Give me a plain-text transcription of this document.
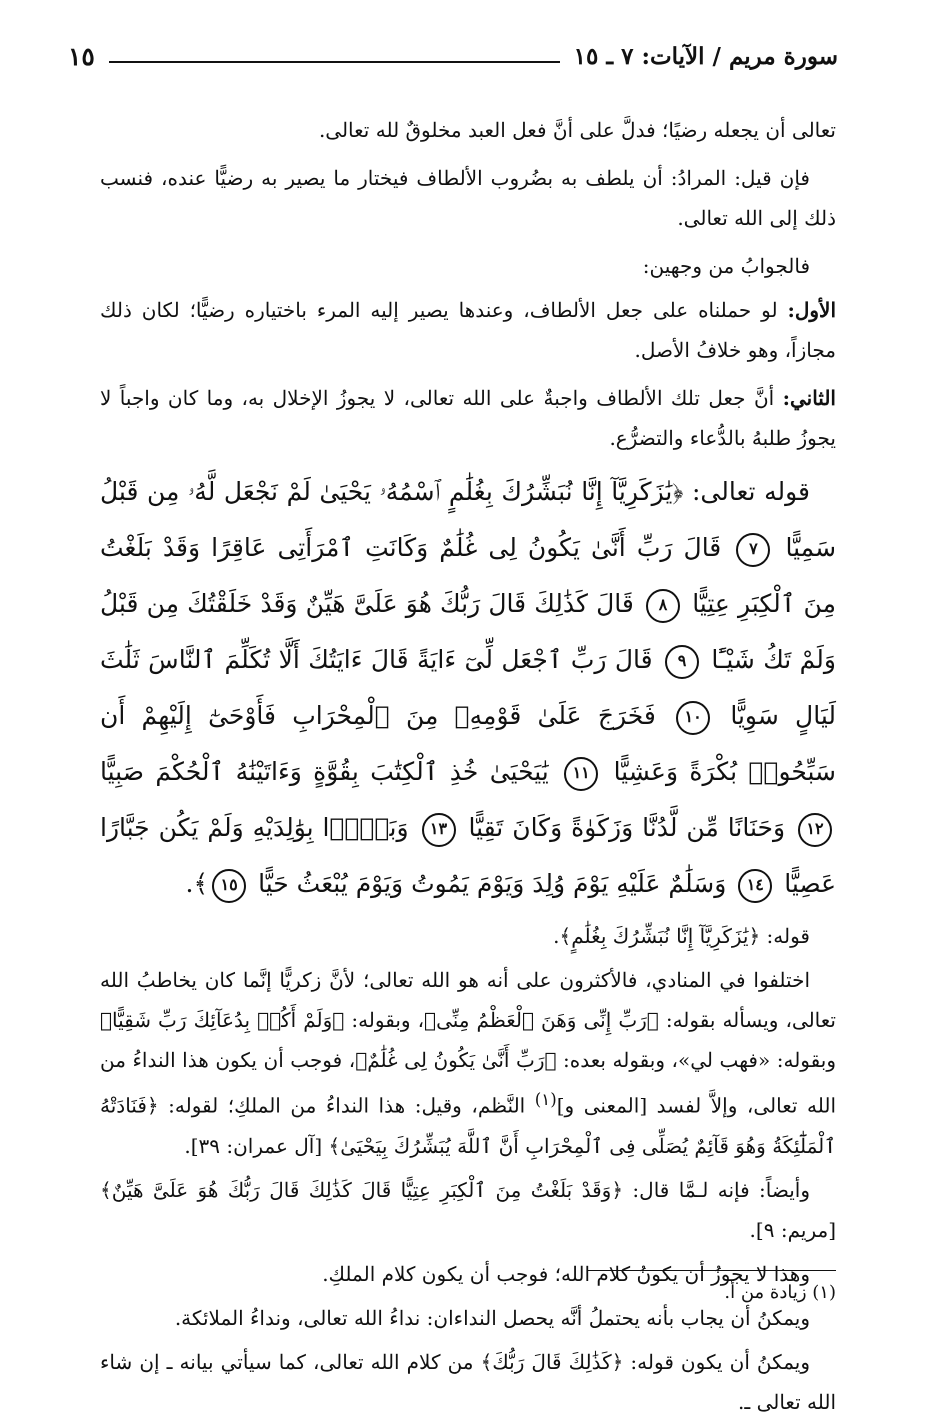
سورة مريم / الآيات: ٧ ـ ١٥
١٥

تعالى أن يجعله رضيًا؛ فدلَّ على أنَّ فعل العبد مخلوقٌ لله تعالى.

فإن قيل: المرادُ: أن يلطف به بضُروب الألطاف فيختار ما يصير به رضيًّا عنده، فنسب ذلك إلى الله تعالى.

فالجوابُ من وجهين:

الأول: لو حملناه على جعل الألطاف، وعندها يصير إليه المرء باختياره رضيًّا؛ لكان ذلك مجازاً، وهو خلافُ الأصل.

الثاني: أنَّ جعل تلك الألطاف واجبةٌ على الله تعالى، لا يجوزُ الإخلال به، وما كان واجباً لا يجوزُ طلبهُ بالدُّعاء والتضرُّع.

قوله تعالى: ﴿يَٰزَكَرِيَّآ إِنَّا نُبَشِّرُكَ بِغُلَٰمٍ ٱسْمُهُۥ يَحْيَىٰ لَمْ نَجْعَل لَّهُۥ مِن قَبْلُ سَمِيًّا ٧ قَالَ رَبِّ أَنَّىٰ يَكُونُ لِى غُلَٰمٌ وَكَانَتِ ٱمْرَأَتِى عَاقِرًا وَقَدْ بَلَغْتُ مِنَ ٱلْكِبَرِ عِتِيًّا ٨ قَالَ كَذَٰلِكَ قَالَ رَبُّكَ هُوَ عَلَىَّ هَيِّنٌ وَقَدْ خَلَقْتُكَ مِن قَبْلُ وَلَمْ تَكُ شَيْـًٔا ٩ قَالَ رَبِّ ٱجْعَل لِّىٓ ءَايَةً قَالَ ءَايَتُكَ أَلَّا تُكَلِّمَ ٱلنَّاسَ ثَلَٰثَ لَيَالٍ سَوِيًّا ١٠ فَخَرَجَ عَلَىٰ قَوْمِهِۦ مِنَ ٱلْمِحْرَابِ فَأَوْحَىٰٓ إِلَيْهِمْ أَن سَبِّحُوا۟ بُكْرَةً وَعَشِيًّا ١١ يَٰيَحْيَىٰ خُذِ ٱلْكِتَٰبَ بِقُوَّةٍ وَءَاتَيْنَٰهُ ٱلْحُكْمَ صَبِيًّا ١٢ وَحَنَانًا مِّن لَّدُنَّا وَزَكَوٰةً وَكَانَ تَقِيًّا ١٣ وَبَرًّۢا بِوَٰلِدَيْهِ وَلَمْ يَكُن جَبَّارًا عَصِيًّا ١٤ وَسَلَٰمٌ عَلَيْهِ يَوْمَ وُلِدَ وَيَوْمَ يَمُوتُ وَيَوْمَ يُبْعَثُ حَيًّا ١٥﴾.

قوله: ﴿يَٰزَكَرِيَّآ إِنَّا نُبَشِّرُكَ بِغُلَٰمٍ﴾.

اختلفوا في المنادي، فالأكثرون على أنه هو الله تعالى؛ لأنَّ زكريًّا إنَّما كان يخاطبُ الله تعالى، ويسأله بقوله: ﴿رَبِّ إِنِّى وَهَنَ ٱلْعَظْمُ مِنِّى﴾، وبقوله: ﴿وَلَمْ أَكُنۢ بِدُعَآئِكَ رَبِّ شَقِيًّا﴾ وبقوله: «فهب لي»، وبقوله بعده: ﴿رَبِّ أَنَّىٰ يَكُونُ لِى غُلَٰمٌ﴾، فوجب أن يكون هذا النداءُ من الله تعالى، وإلاَّ لفسد [المعنى و]$^{(١)}$ النَّظم، وقيل: هذا النداءُ من الملكِ؛ لقوله: ﴿فَنَادَتْهُ ٱلْمَلَٰٓئِكَةُ وَهُوَ قَآئِمٌ يُصَلِّى فِى ٱلْمِحْرَابِ أَنَّ ٱللَّهَ يُبَشِّرُكَ بِيَحْيَىٰ﴾ [آل عمران: ٣٩].

وأيضاً: فإنه لـمَّا قال: ﴿وَقَدْ بَلَغْتُ مِنَ ٱلْكِبَرِ عِتِيًّا قَالَ كَذَٰلِكَ قَالَ رَبُّكَ هُوَ عَلَىَّ هَيِّنٌ﴾ [مريم: ٩].

وهذا لا يجوزُ أن يكونُ كلام الله؛ فوجب أن يكون كلام الملكِ.

ويمكنُ أن يجاب بأنه يحتملُ أنَّه يحصل النداءان: نداءُ الله تعالى، ونداءُ الملائكة.

ويمكنُ أن يكون قوله: ﴿كَذَٰلِكَ قَالَ رَبُّكَ﴾ من كلام الله تعالى، كما سيأتي بيانه ـ إن شاء الله تعالى ـ.

(١) زيادة من أ.
